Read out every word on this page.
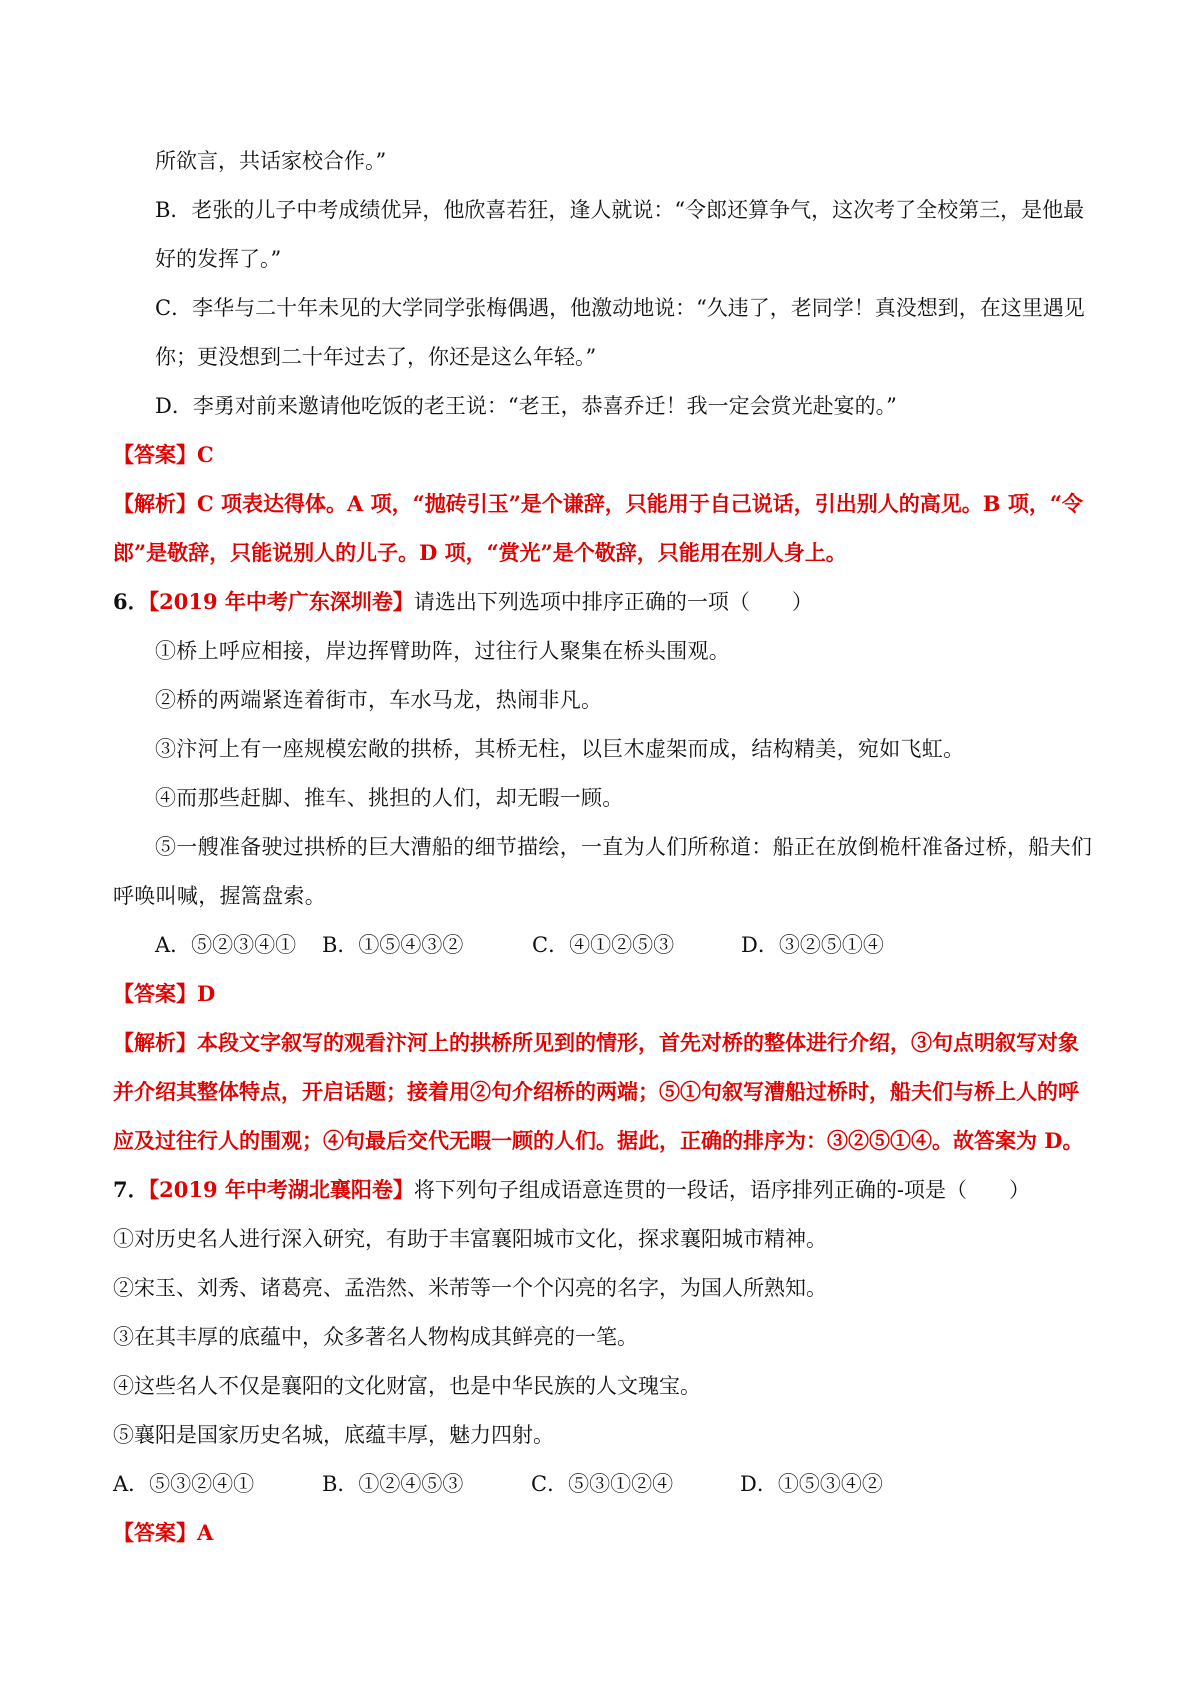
所欲言，共话家校合作。”

B．老张的儿子中考成绩优异，他欣喜若狂，逢人就说：“令郎还算争气，这次考了全校第三，是他最

好的发挥了。”

C．李华与二十年未见的大学同学张梅偶遇，他激动地说：“久违了，老同学！真没想到，在这里遇见

你；更没想到二十年过去了，你还是这么年轻。”

D．李勇对前来邀请他吃饭的老王说：“老王，恭喜乔迁！我一定会赏光赴宴的。”

【答案】C

【解析】C 项表达得体。A 项，“抛砖引玉”是个谦辞，只能用于自己说话，引出别人的高见。B 项，“令

郎”是敬辞，只能说别人的儿子。D 项，“赏光”是个敬辞，只能用在别人身上。

6．【2019 年中考广东深圳卷】请选出下列选项中排序正确的一项（　　）

①桥上呼应相接，岸边挥臂助阵，过往行人聚集在桥头围观。

②桥的两端紧连着街市，车水马龙，热闹非凡。

③汴河上有一座规模宏敞的拱桥，其桥无柱，以巨木虚架而成，结构精美，宛如飞虹。

④而那些赶脚、推车、挑担的人们，却无暇一顾。

⑤一艘准备驶过拱桥的巨大漕船的细节描绘，一直为人们所称道：船正在放倒桅杆准备过桥，船夫们

呼唤叫喊，握篙盘索。

A．⑤②③④① B．①⑤④③②	C．④①②⑤③	D．③②⑤①④

【答案】D

【解析】本段文字叙写的观看汴河上的拱桥所见到的情形，首先对桥的整体进行介绍，③句点明叙写对象

并介绍其整体特点，开启话题；接着用②句介绍桥的两端；⑤①句叙写漕船过桥时，船夫们与桥上人的呼

应及过往行人的围观；④句最后交代无暇一顾的人们。据此，正确的排序为：③②⑤①④。故答案为 D。

7．【2019 年中考湖北襄阳卷】将下列句子组成语意连贯的一段话，语序排列正确的-项是（　　）

①对历史名人进行深入研究，有助于丰富襄阳城市文化，探求襄阳城市精神。

②宋玉、刘秀、诸葛亮、孟浩然、米芾等一个个闪亮的名字，为国人所熟知。

③在其丰厚的底蕴中，众多著名人物构成其鲜亮的一笔。

④这些名人不仅是襄阳的文化财富，也是中华民族的人文瑰宝。

⑤襄阳是国家历史名城，底蕴丰厚，魅力四射。

A．⑤③②④①	B．①②④⑤③	C．⑤③①②④	D．①⑤③④②

【答案】A
